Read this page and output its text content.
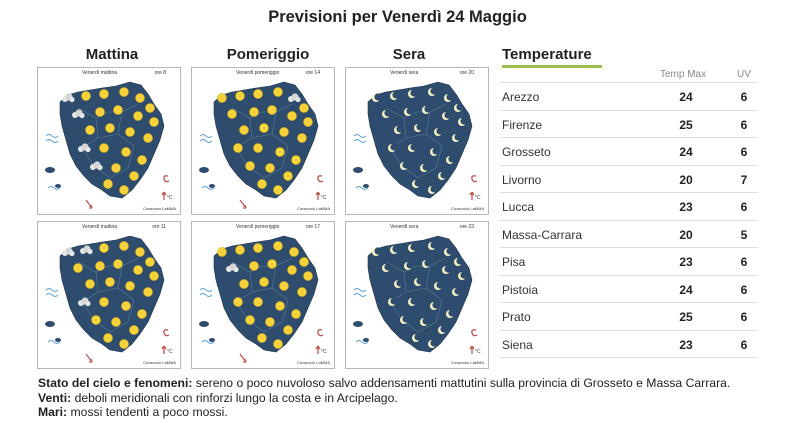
Previsioni per Venerdì 24 Maggio
Mattina	Pomeriggio	Sera
°C
Venerdì mattina	ore 8
Consorzio LaMMA
°C
Venerdì pomeriggio	ore 14
Consorzio LaMMA
°C
Venerdì sera	ore 20
Consorzio LaMMA
°C
Venerdì mattina	ore 11
Consorzio LaMMA
°C
Venerdì pomeriggio	ore 17
Consorzio LaMMA
°C
Venerdì sera	ore 23
Consorzio LaMMA
Temperature
Temp Max	UV
Arezzo	24	6
Firenze	25	6
Grosseto	24	6
Livorno	20	7
Lucca	23	6
Massa-Carrara	20	5
Pisa	23	6
Pistoia	24	6
Prato	25	6
Siena	23	6
Stato del cielo e fenomeni: sereno o poco nuvoloso salvo addensamenti mattutini sulla provincia di Grosseto e Massa Carrara.
Venti: deboli meridionali con rinforzi lungo la costa e in Arcipelago.
Mari: mossi tendenti a poco mossi.
